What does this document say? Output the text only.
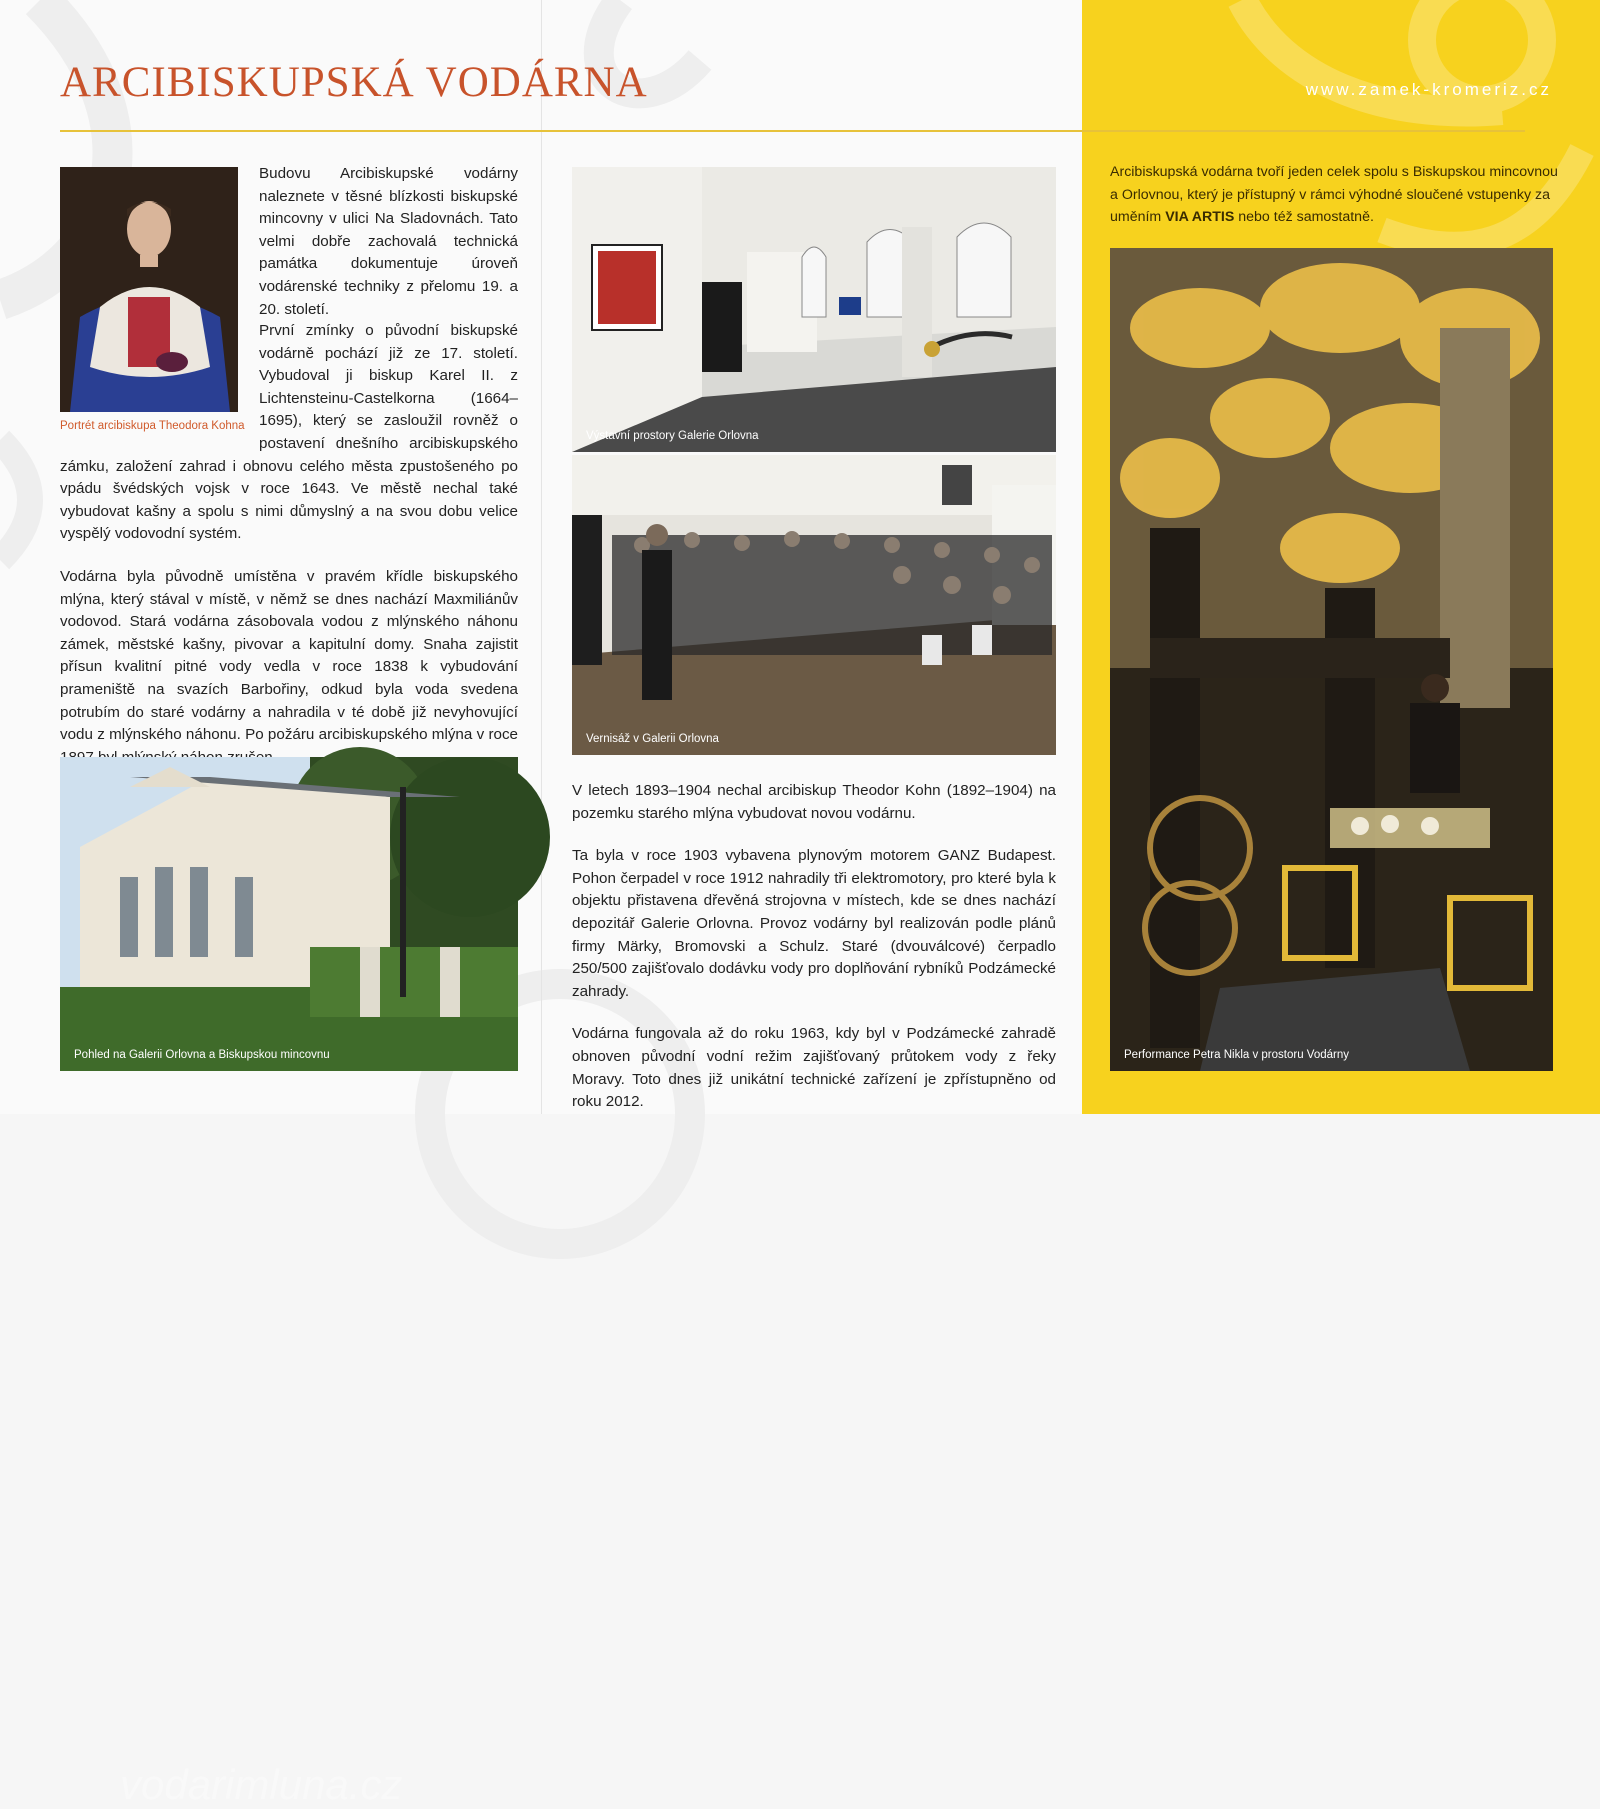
ARCIBISKUPSKÁ VODÁRNA	www.zamek-kromeriz.cz
Portrét arcibiskupa Theodora Kohna

Budovu Arcibiskupské vodárny naleznete v těsné blízkosti biskupské mincovny v ulici Na Sladovnách. Tato velmi dobře zachovalá technická památka dokumentuje úroveň vodárenské techniky z přelomu 19. a 20. století.

První zmínky o původní biskupské vodárně pochází již ze 17. století. Vybudoval ji biskup Karel II. z Lichtensteinu-Castelkorna (1664–1695), který se zasloužil rovněž o postavení dnešního arcibiskupského zámku, založení zahrad i obnovu celého města zpustošeného po vpádu švédských vojsk v roce 1643. Ve městě nechal také vybudovat kašny a spolu s nimi důmyslný a na svou dobu velice vyspělý vodovodní systém.

Vodárna byla původně umístěna v pravém křídle biskupského mlýna, který stával v místě, v němž se dnes nachází Maxmiliánův vodovod. Stará vodárna zásobovala vodou z mlýnského náhonu zámek, městské kašny, pivovar a kapitulní domy. Snaha zajistit přísun kvalitní pitné vody vedla v roce 1838 k vybudování prameniště na svazích Barbořiny, odkud byla voda svedena potrubím do staré vodárny a nahradila v té době již nevyhovující vodu z mlýnského náhonu. Po požáru arcibiskupského mlýna v roce

vodarimluna.cz
Pohled na Galerii Orlovna a Biskupskou mincovnu
Výstavní prostory Galerie Orlovna
Vernisáž v Galerii Orlovna

V letech 1893–1904 nechal arcibiskup Theodor Kohn (1892–1904) na pozemku starého mlýna vybudovat novou vodárnu.

Ta byla v roce 1903 vybavena plynovým motorem GANZ Budapest. Pohon čerpadel v roce 1912 nahradily tři elektromotory, pro které byla k objektu přistavena dřevěná strojovna v místech, kde se dnes nachází depozitář Galerie Orlovna. Provoz vodárny byl realizován podle plánů firmy Märky, Bromovski a Schulz. Staré (dvouválcové) čerpadlo 250/500 zajišťovalo dodávku vody pro doplňování rybníků Podzámecké zahrady.

Vodárna fungovala až do roku 1963, kdy byl v Podzámecké zahradě obnoven původní vodní režim zajišťovaný průtokem vody z řeky Moravy. Toto dnes již unikátní technické zařízení je zpřístupněno od roku 2012.

Arcibiskupská vodárna tvoří jeden celek spolu s Biskupskou mincovnou a Orlovnou, který je přístupný v rámci výhodné sloučené vstupenky za uměním VIA ARTIS nebo též samostatně.

Performance Petra Nikla v prostoru Vodárny
